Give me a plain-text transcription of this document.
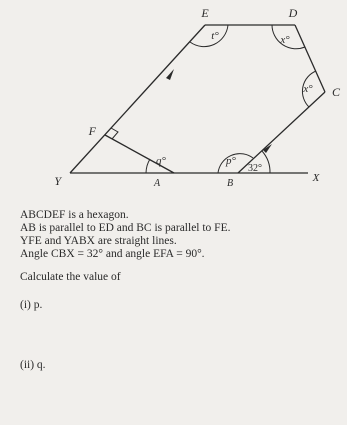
E	D
C
F
Y	A	B	X
t°	x°
x°
q°	p°
32°
ABCDEF is a hexagon.
AB is parallel to ED and BC is parallel to FE.
YFE and YABX are straight lines.
Angle CBX = 32° and angle EFA = 90°.
Calculate the value of
(i) p.
(ii) q.
